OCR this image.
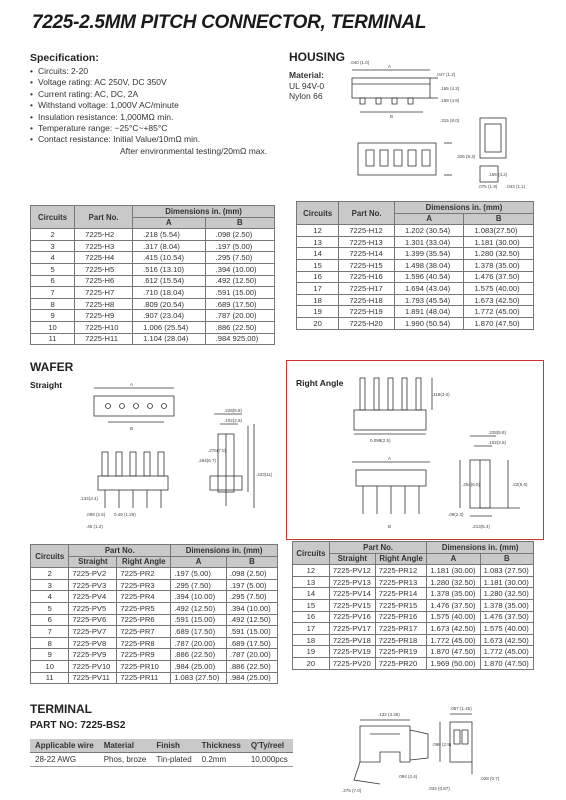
7225-2.5MM PITCH CONNECTOR, TERMINAL
Specification:
• Circuits: 2-20
• Voltage rating: AC 250V, DC 350V
• Current rating: AC, DC, 2A
• Withstand voltage: 1,000V AC/minute
• Insulation resistance: 1,000MΩ min.
• Temperature range: −25°C~+85°C
• Contact resistance: Initial Value/10mΩ min.
After environmental testing/20mΩ max.
HOUSING
Material:
UL 94V-0
Nylon 66
.040 (1.0)
.047 (1.2)
.165 (4.2)
.189 (4.8)
.315 (8.0)
.326 (8.3)
.165 (4.2)
.043 (1.1)
.075 (1.9)
A
B
Circuits	Part No.	Dimensions in. (mm)	
		A	B
2	7225-H2	.218 (5.54)	.098 (2.50)
3	7225-H3	.317 (8.04)	.197 (5.00)
4	7225-H4	.415 (10.54)	.295 (7.50)
5	7225-H5	.516 (13.10)	.394 (10.00)
6	7225-H6	.612 (15.54)	.492 (12.50)
7	7225-H7	.710 (18.04)	.591 (15.00)
8	7225-H8	.809 (20.54)	.689 (17.50)
9	7225-H9	.907 (23.04)	.787 (20.00)
10	7225-H10	1.006 (25.54)	.886 (22.50)
11	7225-H11	1.104 (28.04)	.984 925.00)
Circuits	Part No.	Dimensions in. (mm)	
		A	B
12	7225-H12	1.202 (30.54)	1.083(27.50)
13	7225-H13	1.301 (33.04)	1.181 (30.00)
14	7225-H14	1.399 (35.54)	1.280 (32.50)
15	7225-H15	1.498 (38.04)	1.378 (35.00)
16	7225-H16	1.596 (40.54)	1.476 (37.50)
17	7225-H17	1.694 (43.04)	1.575 (40.00)
18	7225-H18	1.793 (45.54)	1.673 (42.50)
19	7225-H19	1.891 (48.04)	1.772 (45.00)
20	7225-H20	1.990 (50.54)	1.870 (47.50)
WAFER
Straight	A
.228(5.8)
.102(2.6)
.264(6.7)
.276(7.0)
.433(11)
.134(3.4)
.098 (2.5)
B
0.49 (1.25)
.45 (1.2)
Right Angle
.118(3.0)
0.098(2.5)
A
.228(5.8)
.102(2.6)
.254(6.5)	.22(5.6)
.09(2.3)
B	.213(5.4)
Circuits	Part No.		Dimensions in. (mm)	
	Straight	Right Angle	A	B
2	7225-PV2	7225-PR2	.197 (5.00)	.098 (2.50)
3	7225-PV3	7225-PR3	.295 (7.50)	.197 (5.00)
4	7225-PV4	7225-PR4	.394 (10.00)	.295 (7.50)
5	7225-PV5	7225-PR5	.492 (12.50)	.394 (10.00)
6	7225-PV6	7225-PR6	.591 (15.00)	.492 (12.50)
7	7225-PV7	7225-PR7	.689 (17.50)	.591 (15.00)
8	7225-PV8	7225-PR8	.787 (20.00)	.689 (17.50)
9	7225-PV9	7225-PR9	.886 (22.50)	.787 (20.00)
10	7225-PV10	7225-PR10	.984 (25.00)	.886 (22.50)
11	7225-PV11	7225-PR11	1.083 (27.50)	.984 (25.00)
Circuits	Part No.		Dimensions in. (mm)	
	Straight	Right Angle	A	B
12	7225-PV12	7225-PR12	1.181 (30.00)	1.083 (27.50)
13	7225-PV13	7225-PR13	1.280 (32.50)	1.181 (30.00)
14	7225-PV14	7225-PR14	1.378 (35.00)	1.280 (32.50)
15	7225-PV15	7225-PR15	1.476 (37.50)	1.378 (35.00)
16	7225-PV16	7225-PR16	1.575 (40.00)	1.476 (37.50)
17	7225-PV17	7225-PR17	1.673 (42.50)	1.575 (40.00)
18	7225-PV18	7225-PR18	1.772 (45.00)	1.673 (42.50)
19	7225-PV19	7225-PR19	1.870 (47.50)	1.772 (45.00)
20	7225-PV20	7225-PR20	1.969 (50.00)	1.870 (47.50)
TERMINAL
PART NO: 7225-BS2
Applicable wire	Material	Finish	Thickness	Q'Ty/reel
28-22 AWG	Phos, broze	Tin-plated	0.2mm	10,000pcs
.132 (3.35)
.057 (1.45)
.098 (2.5)
.094 (2.4)
.275 (7.0)	.034 (0.87)
.028 (0.7)
